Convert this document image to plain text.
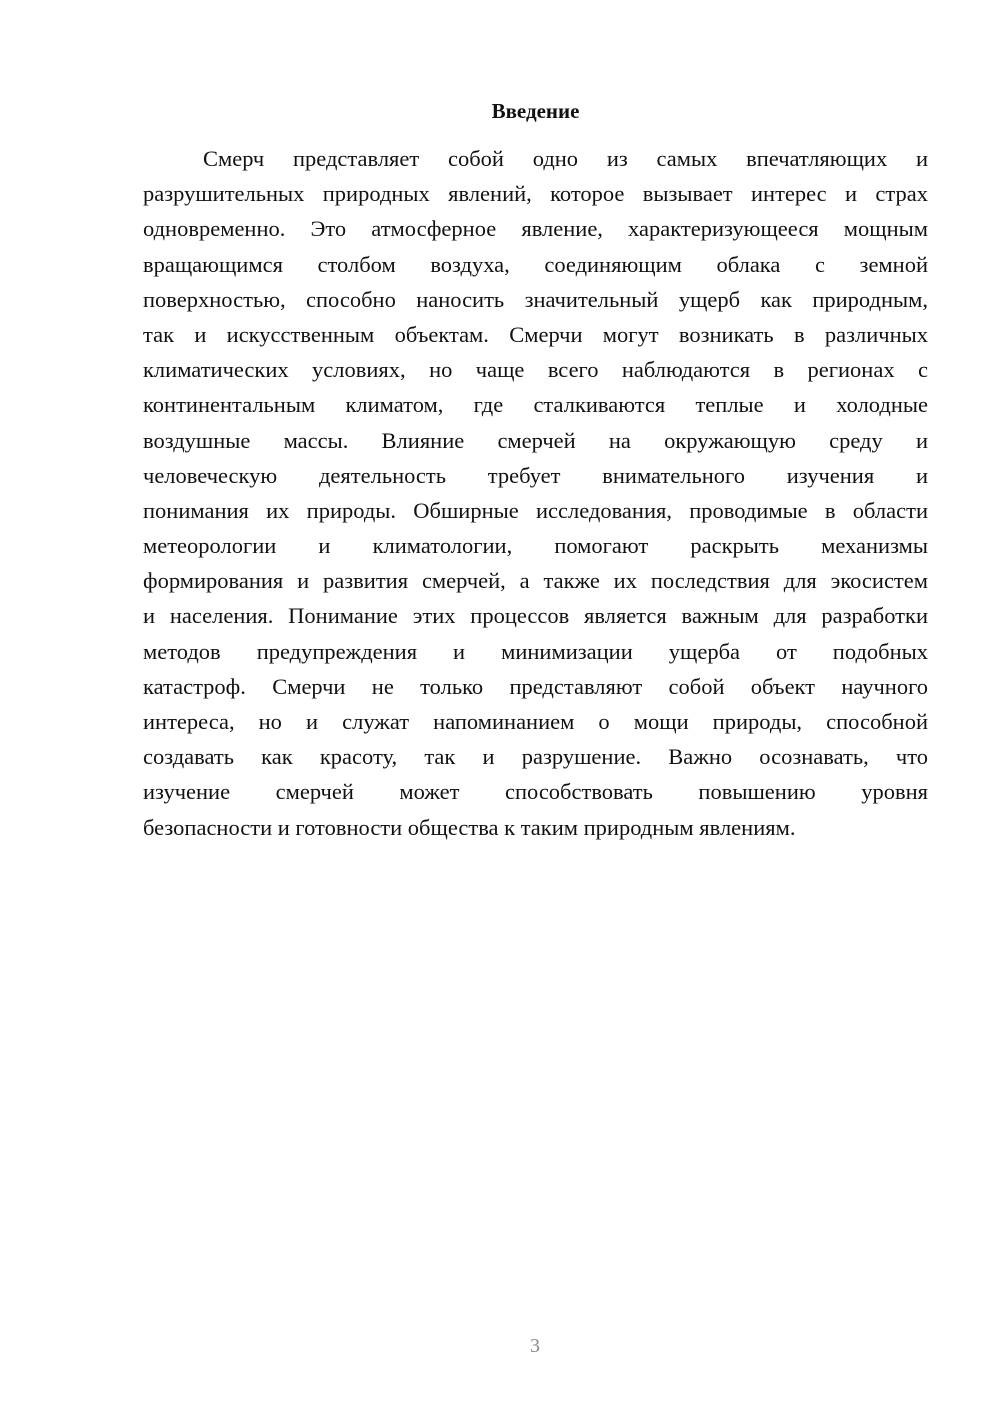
Введение
Смерч представляет собой одно из самых впечатляющих и
разрушительных природных явлений, которое вызывает интерес и страх
одновременно. Это атмосферное явление, характеризующееся мощным
вращающимся столбом воздуха, соединяющим облака с земной
поверхностью, способно наносить значительный ущерб как природным,
так и искусственным объектам. Смерчи могут возникать в различных
климатических условиях, но чаще всего наблюдаются в регионах с
континентальным климатом, где сталкиваются теплые и холодные
воздушные массы. Влияние смерчей на окружающую среду и
человеческую деятельность требует внимательного изучения и
понимания их природы. Обширные исследования, проводимые в области
метеорологии и климатологии, помогают раскрыть механизмы
формирования и развития смерчей, а также их последствия для экосистем
и населения. Понимание этих процессов является важным для разработки
методов предупреждения и минимизации ущерба от подобных
катастроф. Смерчи не только представляют собой объект научного
интереса, но и служат напоминанием о мощи природы, способной
создавать как красоту, так и разрушение. Важно осознавать, что
изучение смерчей может способствовать повышению уровня
безопасности и готовности общества к таким природным явлениям.
3
